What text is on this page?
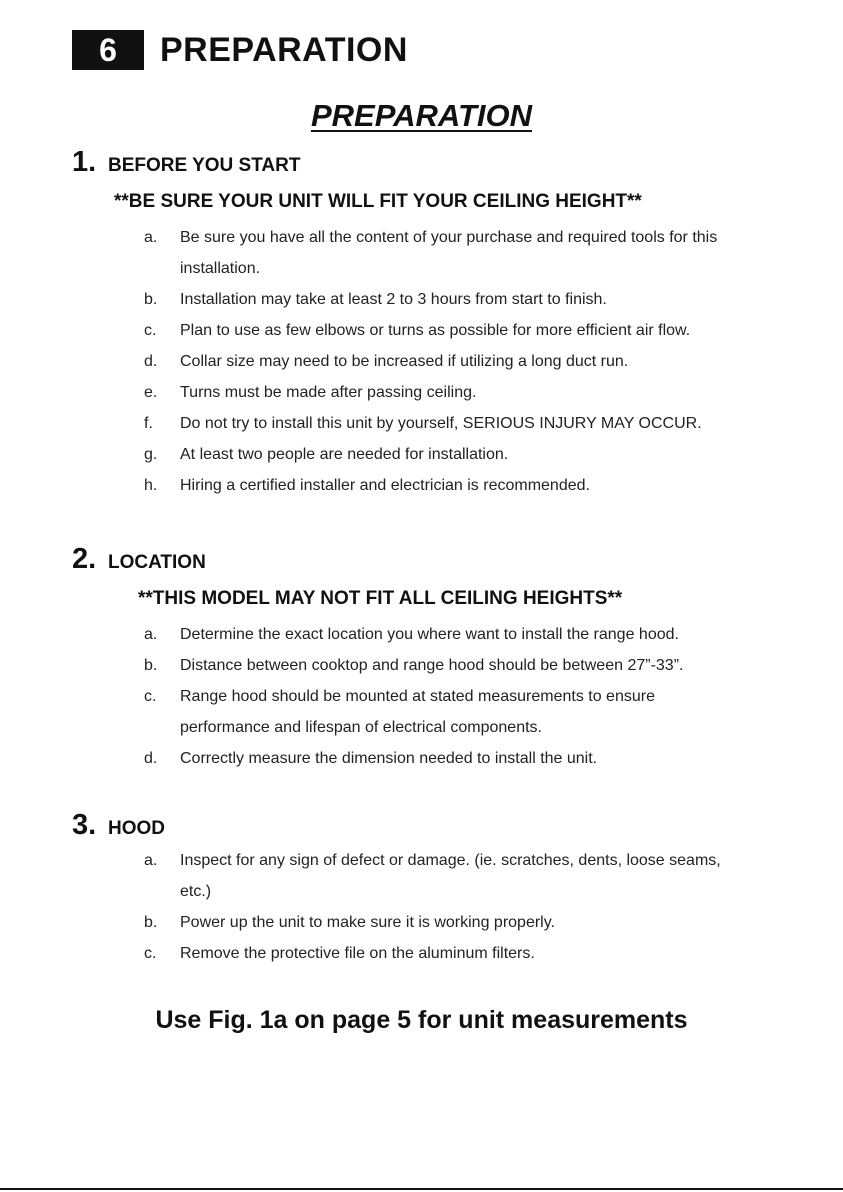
6	PREPARATION
PREPARATION
1. BEFORE YOU START
**BE SURE YOUR UNIT WILL FIT YOUR CEILING HEIGHT**
a.	Be sure you have all the content of your purchase and required tools for this installation.
b.	Installation may take at least 2 to 3 hours from start to finish.
c.	Plan to use as few elbows or turns as possible for more efficient air flow.
d.	Collar size may need to be increased if utilizing a long duct run.
e.	Turns must be made after passing ceiling.
f.	Do not try to install this unit by yourself, SERIOUS INJURY MAY OCCUR.
g.	At least two people are needed for installation.
h.	Hiring a certified installer and electrician is recommended.
2. LOCATION
**THIS MODEL MAY NOT FIT ALL CEILING HEIGHTS**
a.	Determine the exact location you where want to install the range hood.
b.	Distance between cooktop and range hood should be between 27”-33”.
c.	Range hood should be mounted at stated measurements to ensure performance and lifespan of electrical components.
d.	Correctly measure the dimension needed to install the unit.
3. HOOD
a.	Inspect for any sign of defect or damage. (ie. scratches, dents, loose seams, etc.)
b.	Power up the unit to make sure it is working properly.
c.	Remove the protective file on the aluminum filters.
Use Fig. 1a on page 5 for unit measurements
